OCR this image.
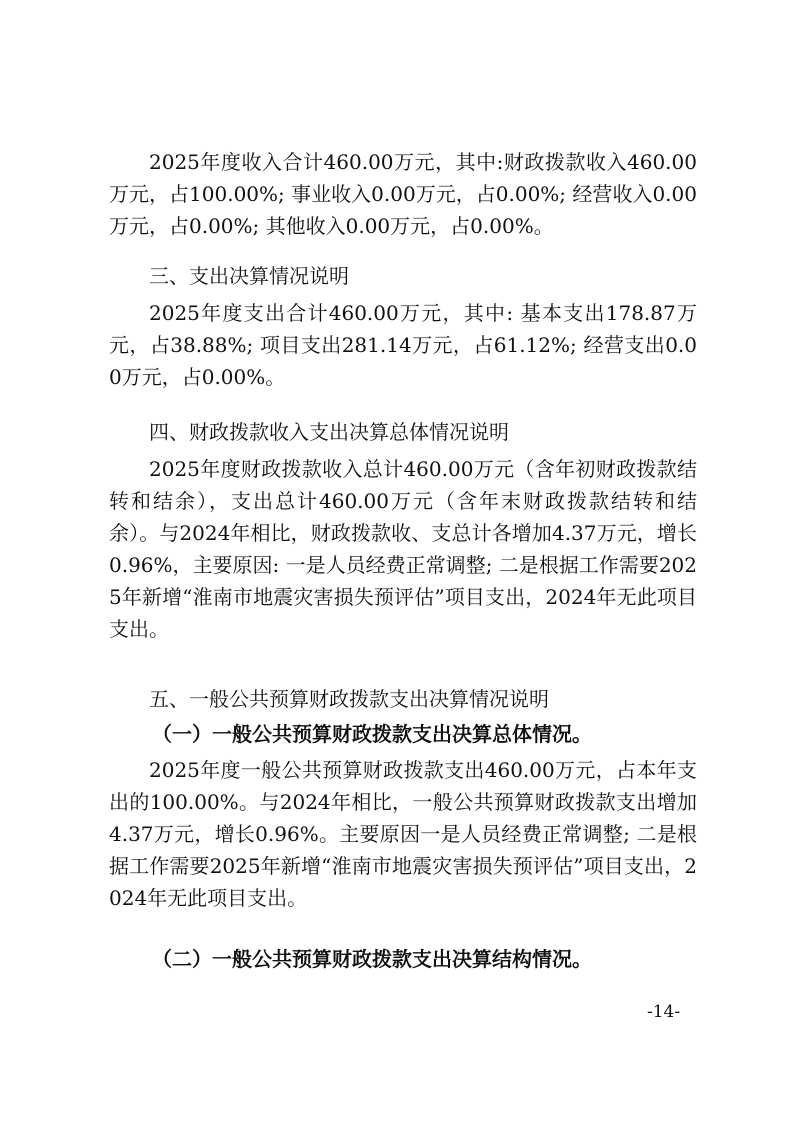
2025年度收入合计460.00万元，其中:财政拨款收入460.00万元，占100.00%; 事业收入0.00万元，占0.00%; 经营收入0.00万元，占0.00%; 其他收入0.00万元，占0.00%。

三、支出决算情况说明

2025年度支出合计460.00万元，其中: 基本支出178.87万元，占38.88%; 项目支出281.14万元，占61.12%; 经营支出0.00万元，占0.00%。

四、财政拨款收入支出决算总体情况说明

2025年度财政拨款收入总计460.00万元（含年初财政拨款结转和结余），支出总计460.00万元（含年末财政拨款结转和结余）。与2024年相比，财政拨款收、支总计各增加4.37万元，增长0.96%，主要原因: 一是人员经费正常调整; 二是根据工作需要2025年新增“淮南市地震灾害损失预评估”项目支出，2024年无此项目支出。

五、一般公共预算财政拨款支出决算情况说明
（一）一般公共预算财政拨款支出决算总体情况。

2025年度一般公共预算财政拨款支出460.00万元，占本年支出的100.00%。与2024年相比，一般公共预算财政拨款支出增加4.37万元，增长0.96%。主要原因一是人员经费正常调整; 二是根据工作需要2025年新增“淮南市地震灾害损失预评估”项目支出，2024年无此项目支出。

（二）一般公共预算财政拨款支出决算结构情况。
-14-
